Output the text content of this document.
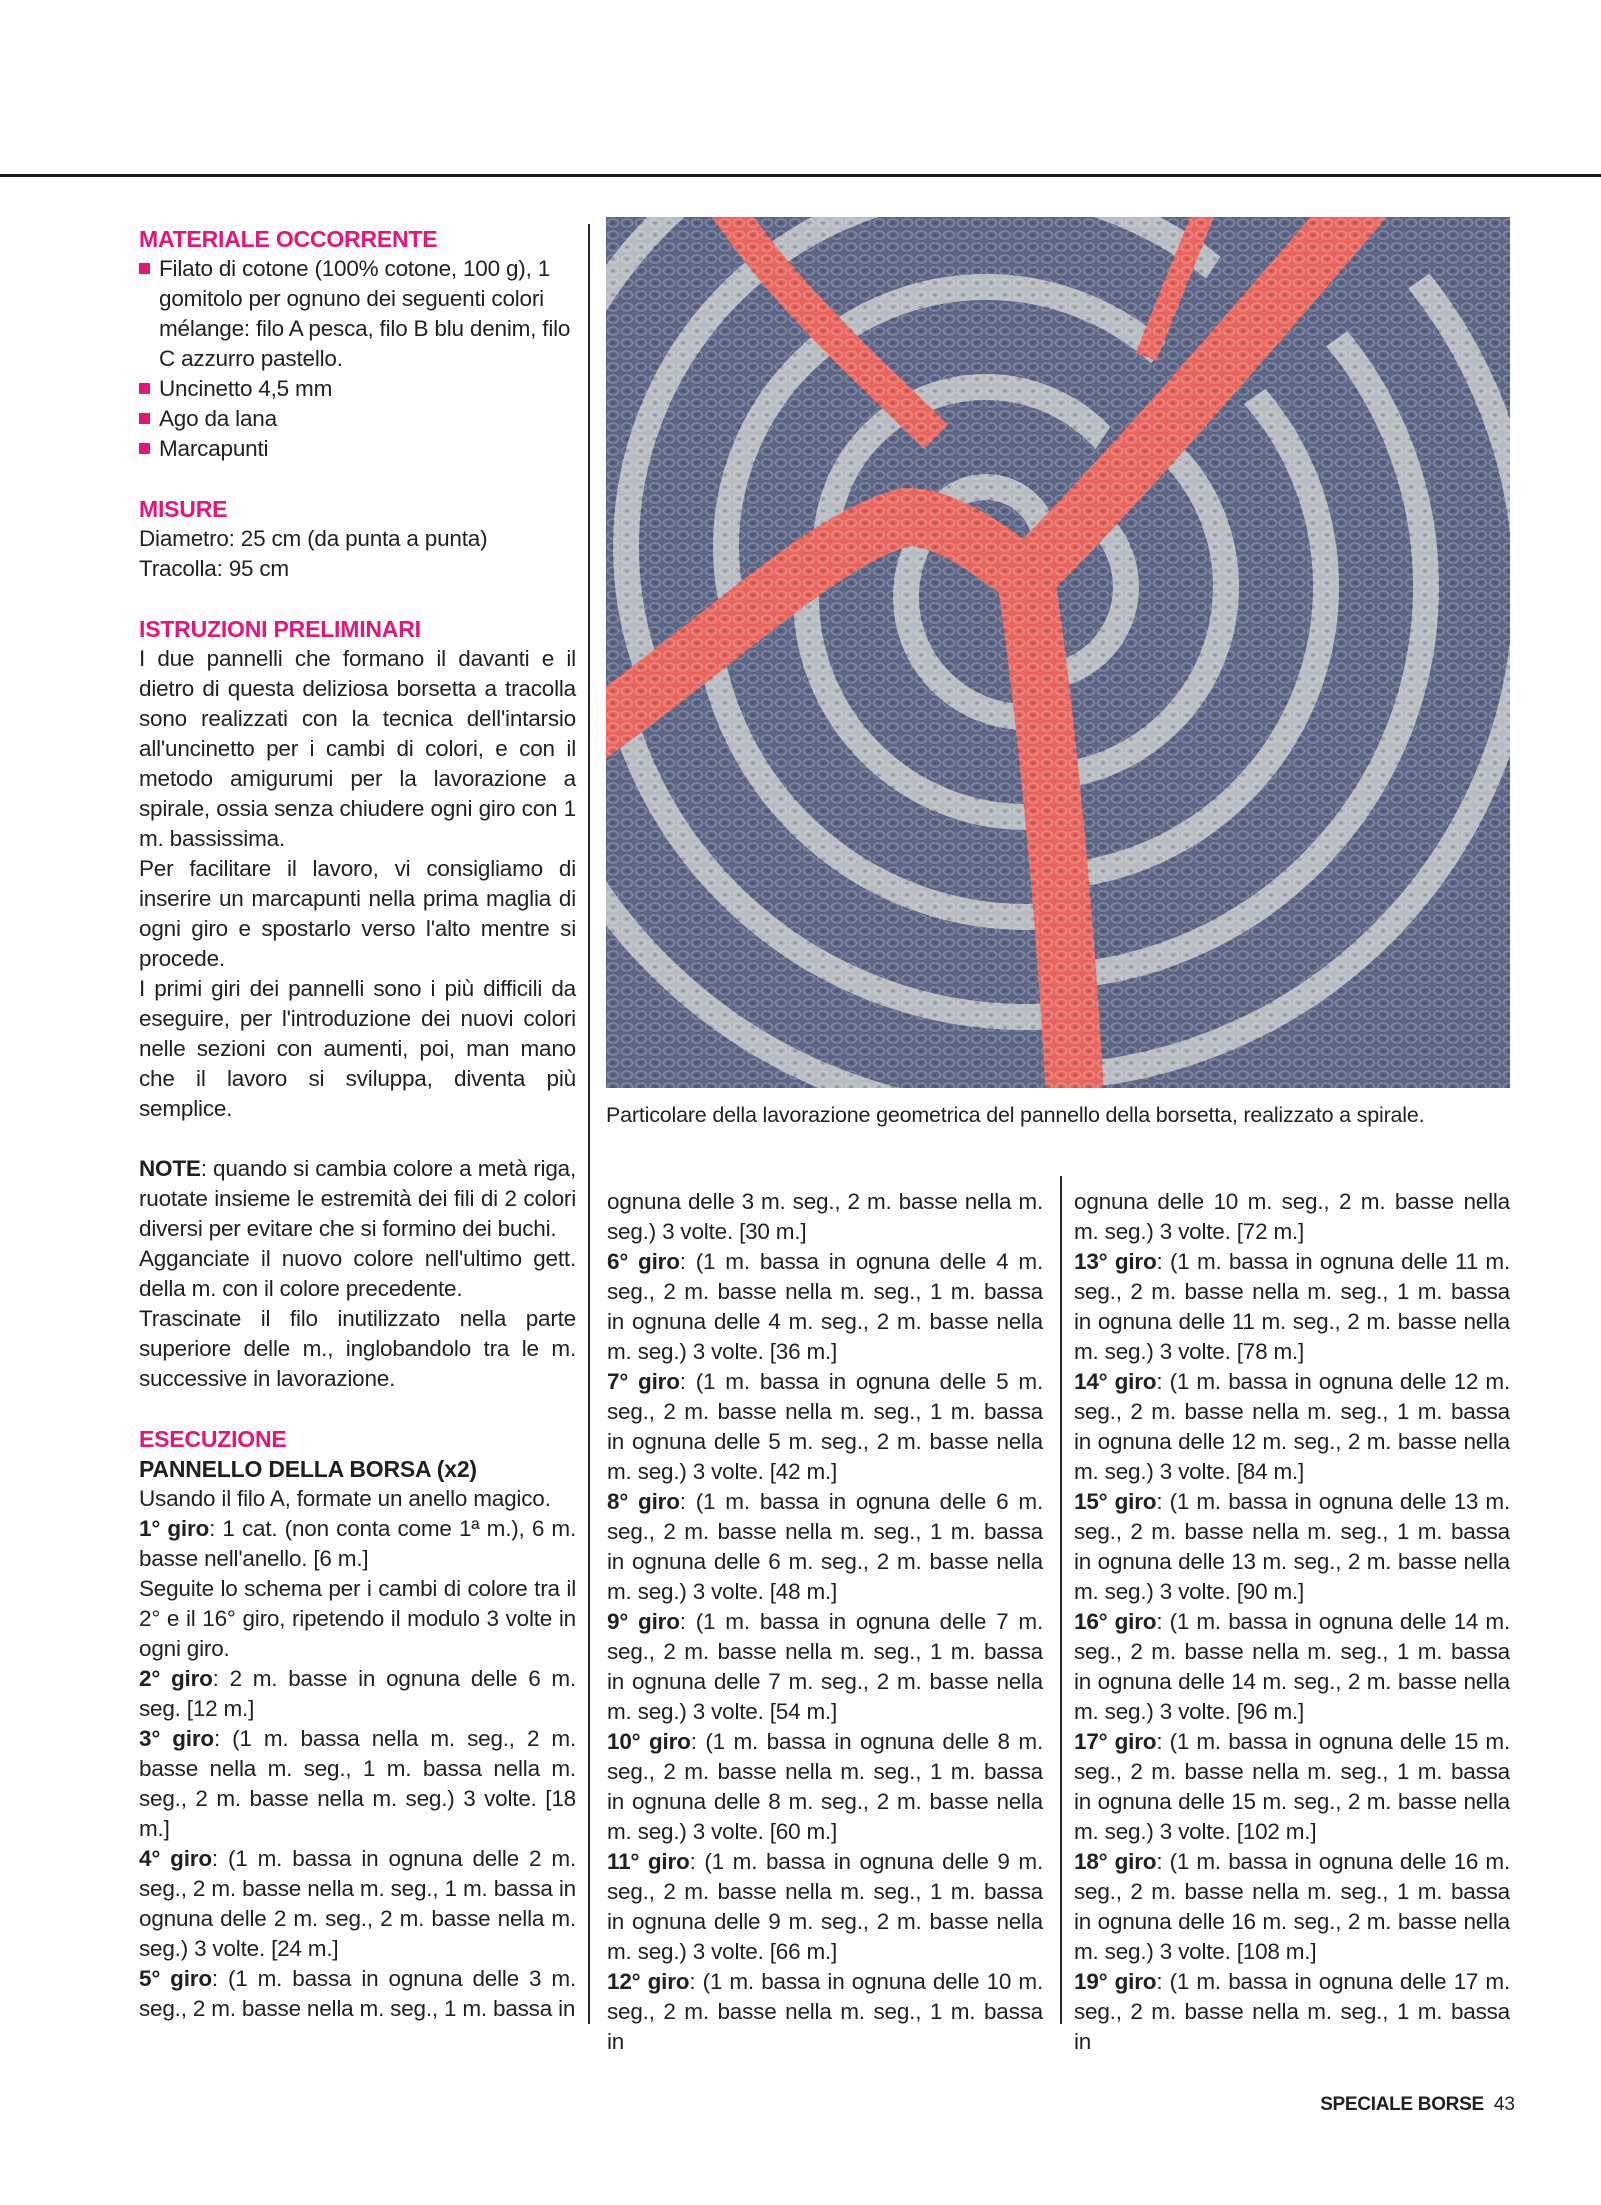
MATERIALE OCCORRENTE

Filato di cotone (100% cotone, 100 g), 1 gomitolo per ognuno dei seguenti colori mélange: filo A pesca, filo B blu denim, filo C azzurro pastello.

Uncinetto 4,5 mm

Ago da lana

Marcapunti

MISURE

Diametro: 25 cm (da punta a punta)

Tracolla: 95 cm

ISTRUZIONI PRELIMINARI

I due pannelli che formano il davanti e il dietro di questa deliziosa borsetta a tracolla sono realizzati con la tecnica dell'intarsio all'uncinetto per i cambi di colori, e con il metodo amigurumi per la lavorazione a spirale, ossia senza chiudere ogni giro con 1 m. bassissima.

Per facilitare il lavoro, vi consigliamo di inserire un marcapunti nella prima maglia di ogni giro e spostarlo verso l'alto mentre si procede.

I primi giri dei pannelli sono i più difficili da eseguire, per l'introduzione dei nuovi colori nelle sezioni con aumenti, poi, man mano che il lavoro si sviluppa, diventa più semplice.

NOTE: quando si cambia colore a metà riga, ruotate insieme le estremità dei fili di 2 colori diversi per evitare che si formino dei buchi.

Agganciate il nuovo colore nell'ultimo gett. della m. con il colore precedente.

Trascinate il filo inutilizzato nella parte superiore delle m., inglobandolo tra le m. successive in lavorazione.

ESECUZIONE

PANNELLO DELLA BORSA (x2)

Usando il filo A, formate un anello magico.

1° giro: 1 cat. (non conta come 1ª m.), 6 m. basse nell'anello. [6 m.]

Seguite lo schema per i cambi di colore tra il 2° e il 16° giro, ripetendo il modulo 3 volte in ogni giro.

2° giro: 2 m. basse in ognuna delle 6 m. seg. [12 m.]

3° giro: (1 m. bassa nella m. seg., 2 m. basse nella m. seg., 1 m. bassa nella m. seg., 2 m. basse nella m. seg.) 3 volte. [18 m.]

4° giro: (1 m. bassa in ognuna delle 2 m. seg., 2 m. basse nella m. seg., 1 m. bassa in ognuna delle 2 m. seg., 2 m. basse nella m. seg.) 3 volte. [24 m.]

5° giro: (1 m. bassa in ognuna delle 3 m. seg., 2 m. basse nella m. seg., 1 m. bassa in

Particolare della lavorazione geometrica del pannello della borsetta, realizzato a spirale.

ognuna delle 3 m. seg., 2 m. basse nella m. seg.) 3 volte. [30 m.]

6° giro: (1 m. bassa in ognuna delle 4 m. seg., 2 m. basse nella m. seg., 1 m. bassa in ognuna delle 4 m. seg., 2 m. basse nella m. seg.) 3 volte. [36 m.]

7° giro: (1 m. bassa in ognuna delle 5 m. seg., 2 m. basse nella m. seg., 1 m. bassa in ognuna delle 5 m. seg., 2 m. basse nella m. seg.) 3 volte. [42 m.]

8° giro: (1 m. bassa in ognuna delle 6 m. seg., 2 m. basse nella m. seg., 1 m. bassa in ognuna delle 6 m. seg., 2 m. basse nella m. seg.) 3 volte. [48 m.]

9° giro: (1 m. bassa in ognuna delle 7 m. seg., 2 m. basse nella m. seg., 1 m. bassa in ognuna delle 7 m. seg., 2 m. basse nella m. seg.) 3 volte. [54 m.]

10° giro: (1 m. bassa in ognuna delle 8 m. seg., 2 m. basse nella m. seg., 1 m. bassa in ognuna delle 8 m. seg., 2 m. basse nella m. seg.) 3 volte. [60 m.]

11° giro: (1 m. bassa in ognuna delle 9 m. seg., 2 m. basse nella m. seg., 1 m. bassa in ognuna delle 9 m. seg., 2 m. basse nella m. seg.) 3 volte. [66 m.]

12° giro: (1 m. bassa in ognuna delle 10 m. seg., 2 m. basse nella m. seg., 1 m. bassa in

ognuna delle 10 m. seg., 2 m. basse nella m. seg.) 3 volte. [72 m.]

13° giro: (1 m. bassa in ognuna delle 11 m. seg., 2 m. basse nella m. seg., 1 m. bassa in ognuna delle 11 m. seg., 2 m. basse nella m. seg.) 3 volte. [78 m.]

14° giro: (1 m. bassa in ognuna delle 12 m. seg., 2 m. basse nella m. seg., 1 m. bassa in ognuna delle 12 m. seg., 2 m. basse nella m. seg.) 3 volte. [84 m.]

15° giro: (1 m. bassa in ognuna delle 13 m. seg., 2 m. basse nella m. seg., 1 m. bassa in ognuna delle 13 m. seg., 2 m. basse nella m. seg.) 3 volte. [90 m.]

16° giro: (1 m. bassa in ognuna delle 14 m. seg., 2 m. basse nella m. seg., 1 m. bassa in ognuna delle 14 m. seg., 2 m. basse nella m. seg.) 3 volte. [96 m.]

17° giro: (1 m. bassa in ognuna delle 15 m. seg., 2 m. basse nella m. seg., 1 m. bassa in ognuna delle 15 m. seg., 2 m. basse nella m. seg.) 3 volte. [102 m.]

18° giro: (1 m. bassa in ognuna delle 16 m. seg., 2 m. basse nella m. seg., 1 m. bassa in ognuna delle 16 m. seg., 2 m. basse nella m. seg.) 3 volte. [108 m.]

19° giro: (1 m. bassa in ognuna delle 17 m. seg., 2 m. basse nella m. seg., 1 m. bassa in

SPECIALE BORSE 43
